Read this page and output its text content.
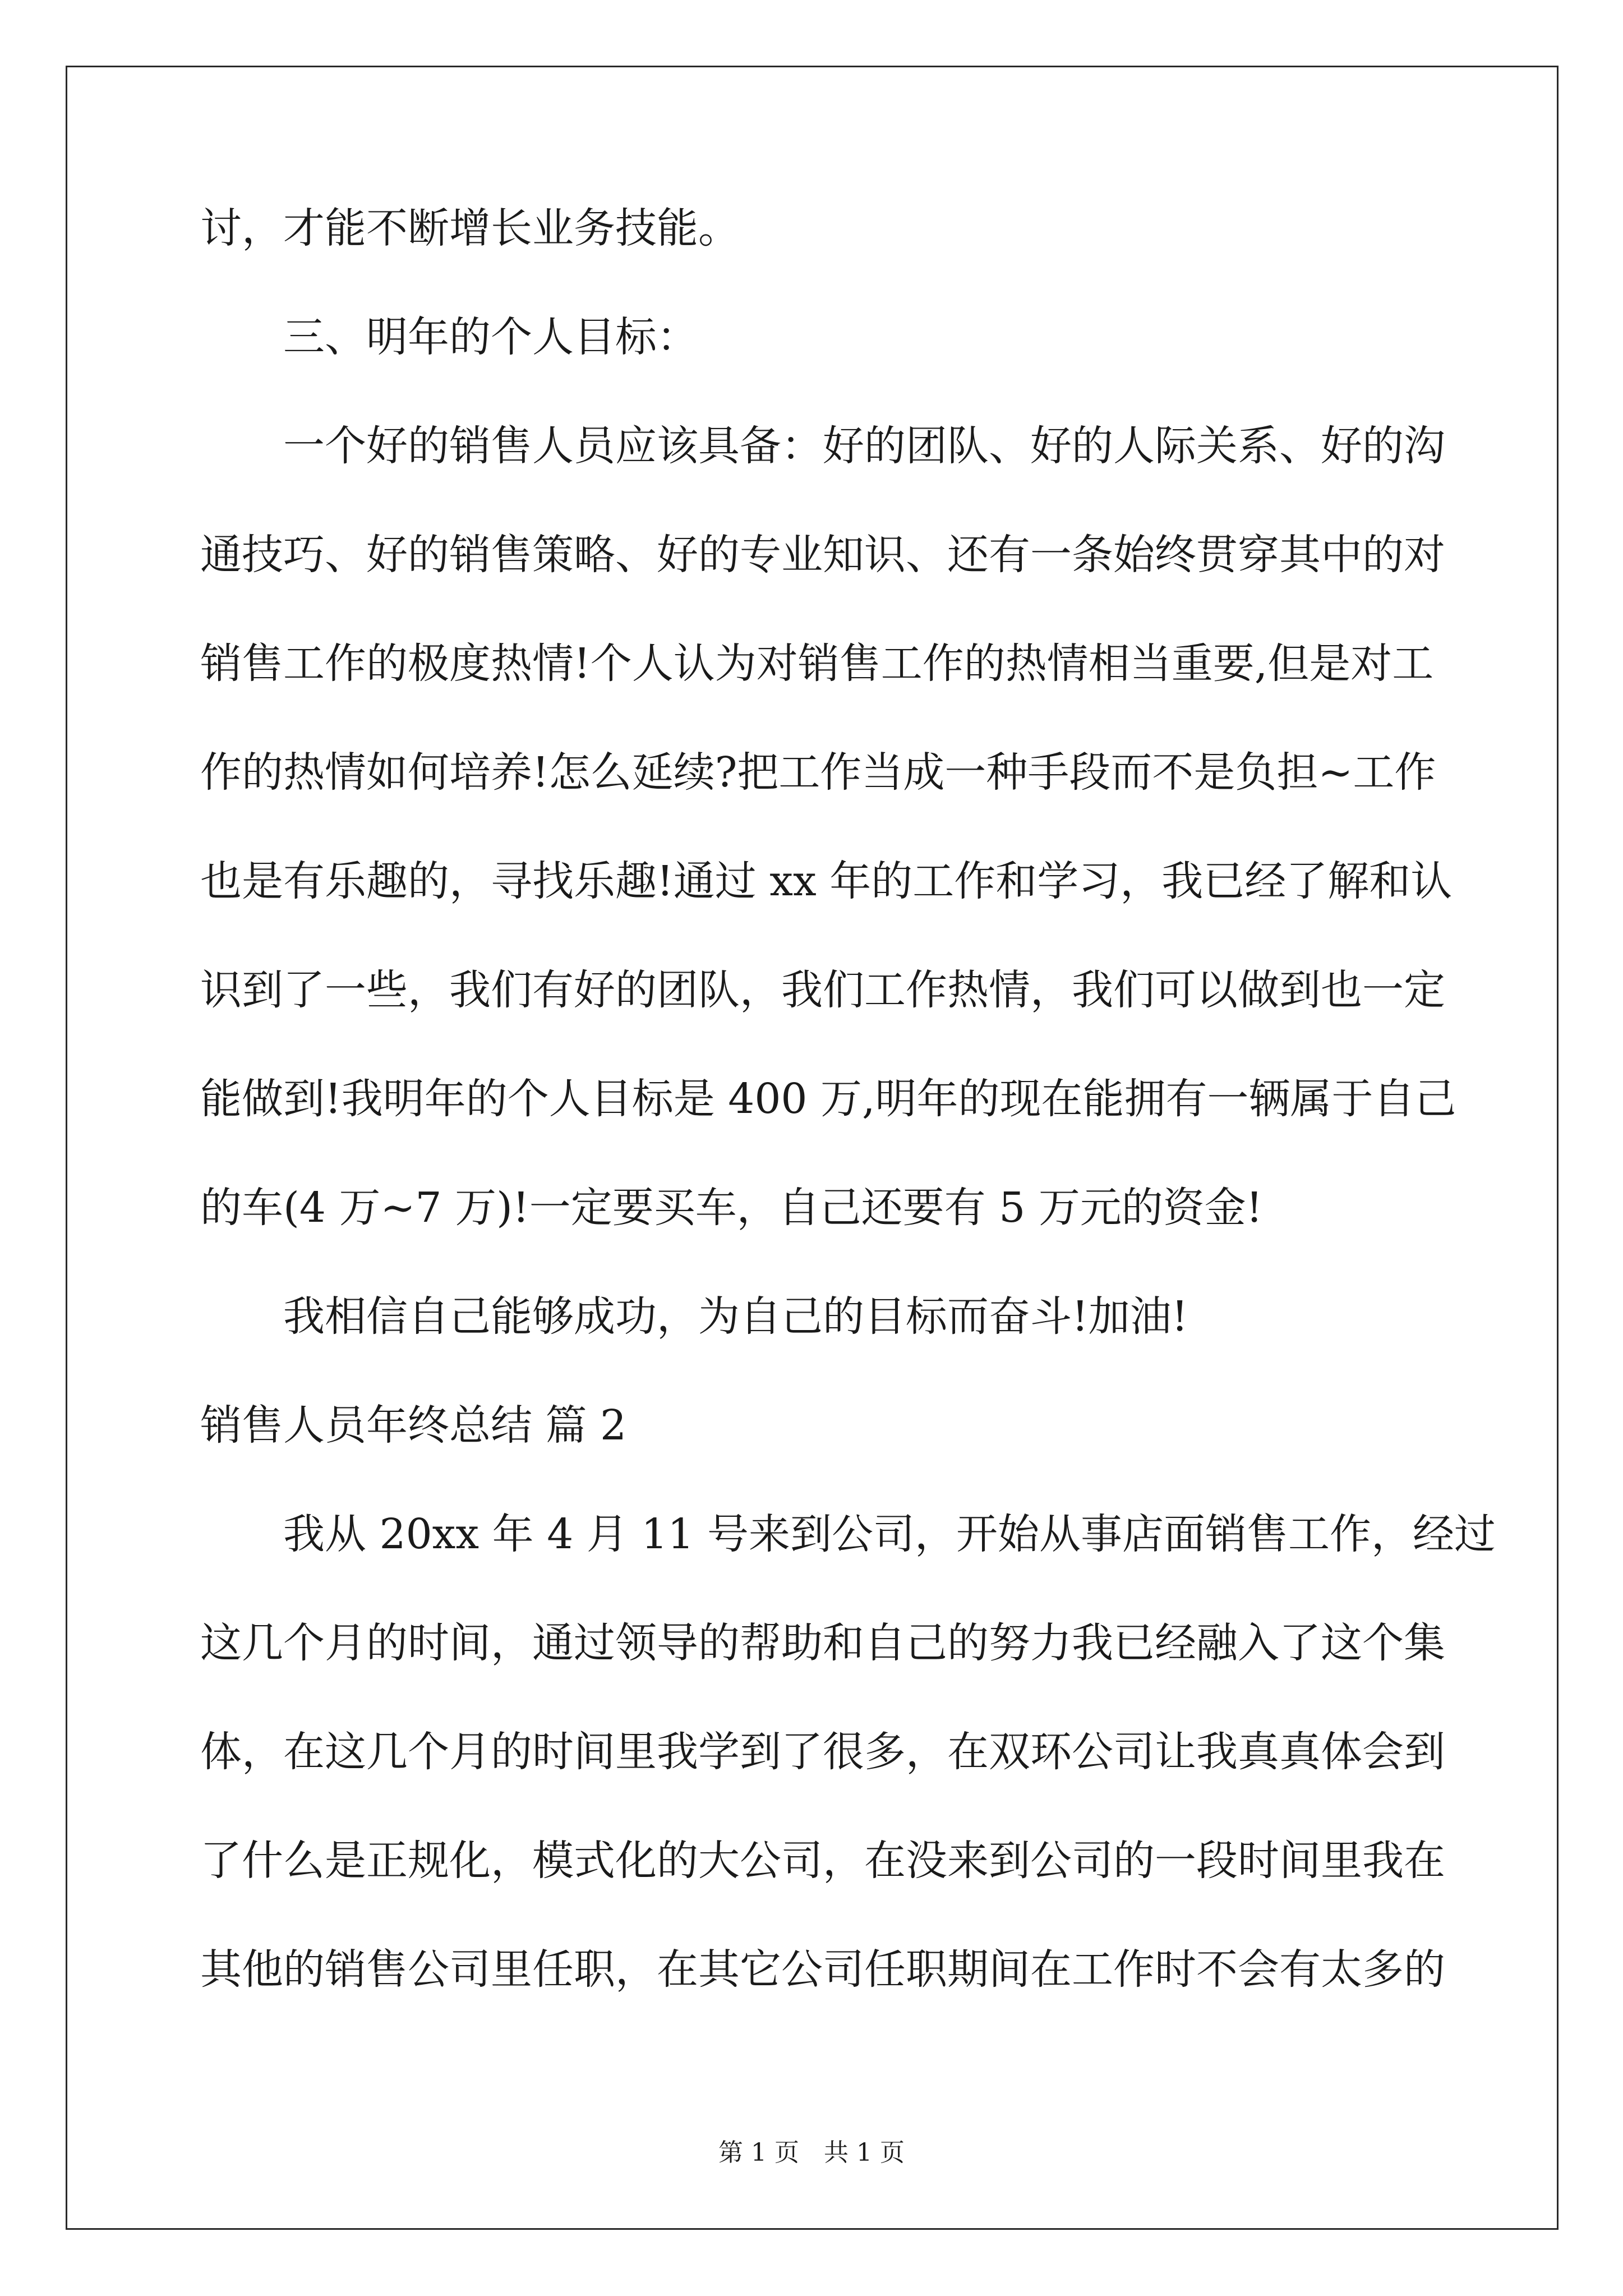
讨，才能不断增长业务技能。
三、明年的个人目标：
一个好的销售人员应该具备：好的团队、好的人际关系、好的沟
通技巧、好的销售策略、好的专业知识、还有一条始终贯穿其中的对
销售工作的极度热情!个人认为对销售工作的热情相当重要,但是对工
作的热情如何培养!怎么延续?把工作当成一种手段而不是负担~工作
也是有乐趣的，寻找乐趣!通过 xx 年的工作和学习，我已经了解和认
识到了一些，我们有好的团队，我们工作热情，我们可以做到也一定
能做到!我明年的个人目标是 400 万,明年的现在能拥有一辆属于自己
的车(4 万~7 万)!一定要买车，自己还要有 5 万元的资金!
我相信自己能够成功，为自己的目标而奋斗!加油!
销售人员年终总结 篇 2
我从 20xx 年 4 月 11 号来到公司，开始从事店面销售工作，经过
这几个月的时间，通过领导的帮助和自己的努力我已经融入了这个集
体，在这几个月的时间里我学到了很多，在双环公司让我真真体会到
了什么是正规化，模式化的大公司，在没来到公司的一段时间里我在
其他的销售公司里任职，在其它公司任职期间在工作时不会有太多的
第 1 页　共 1 页
